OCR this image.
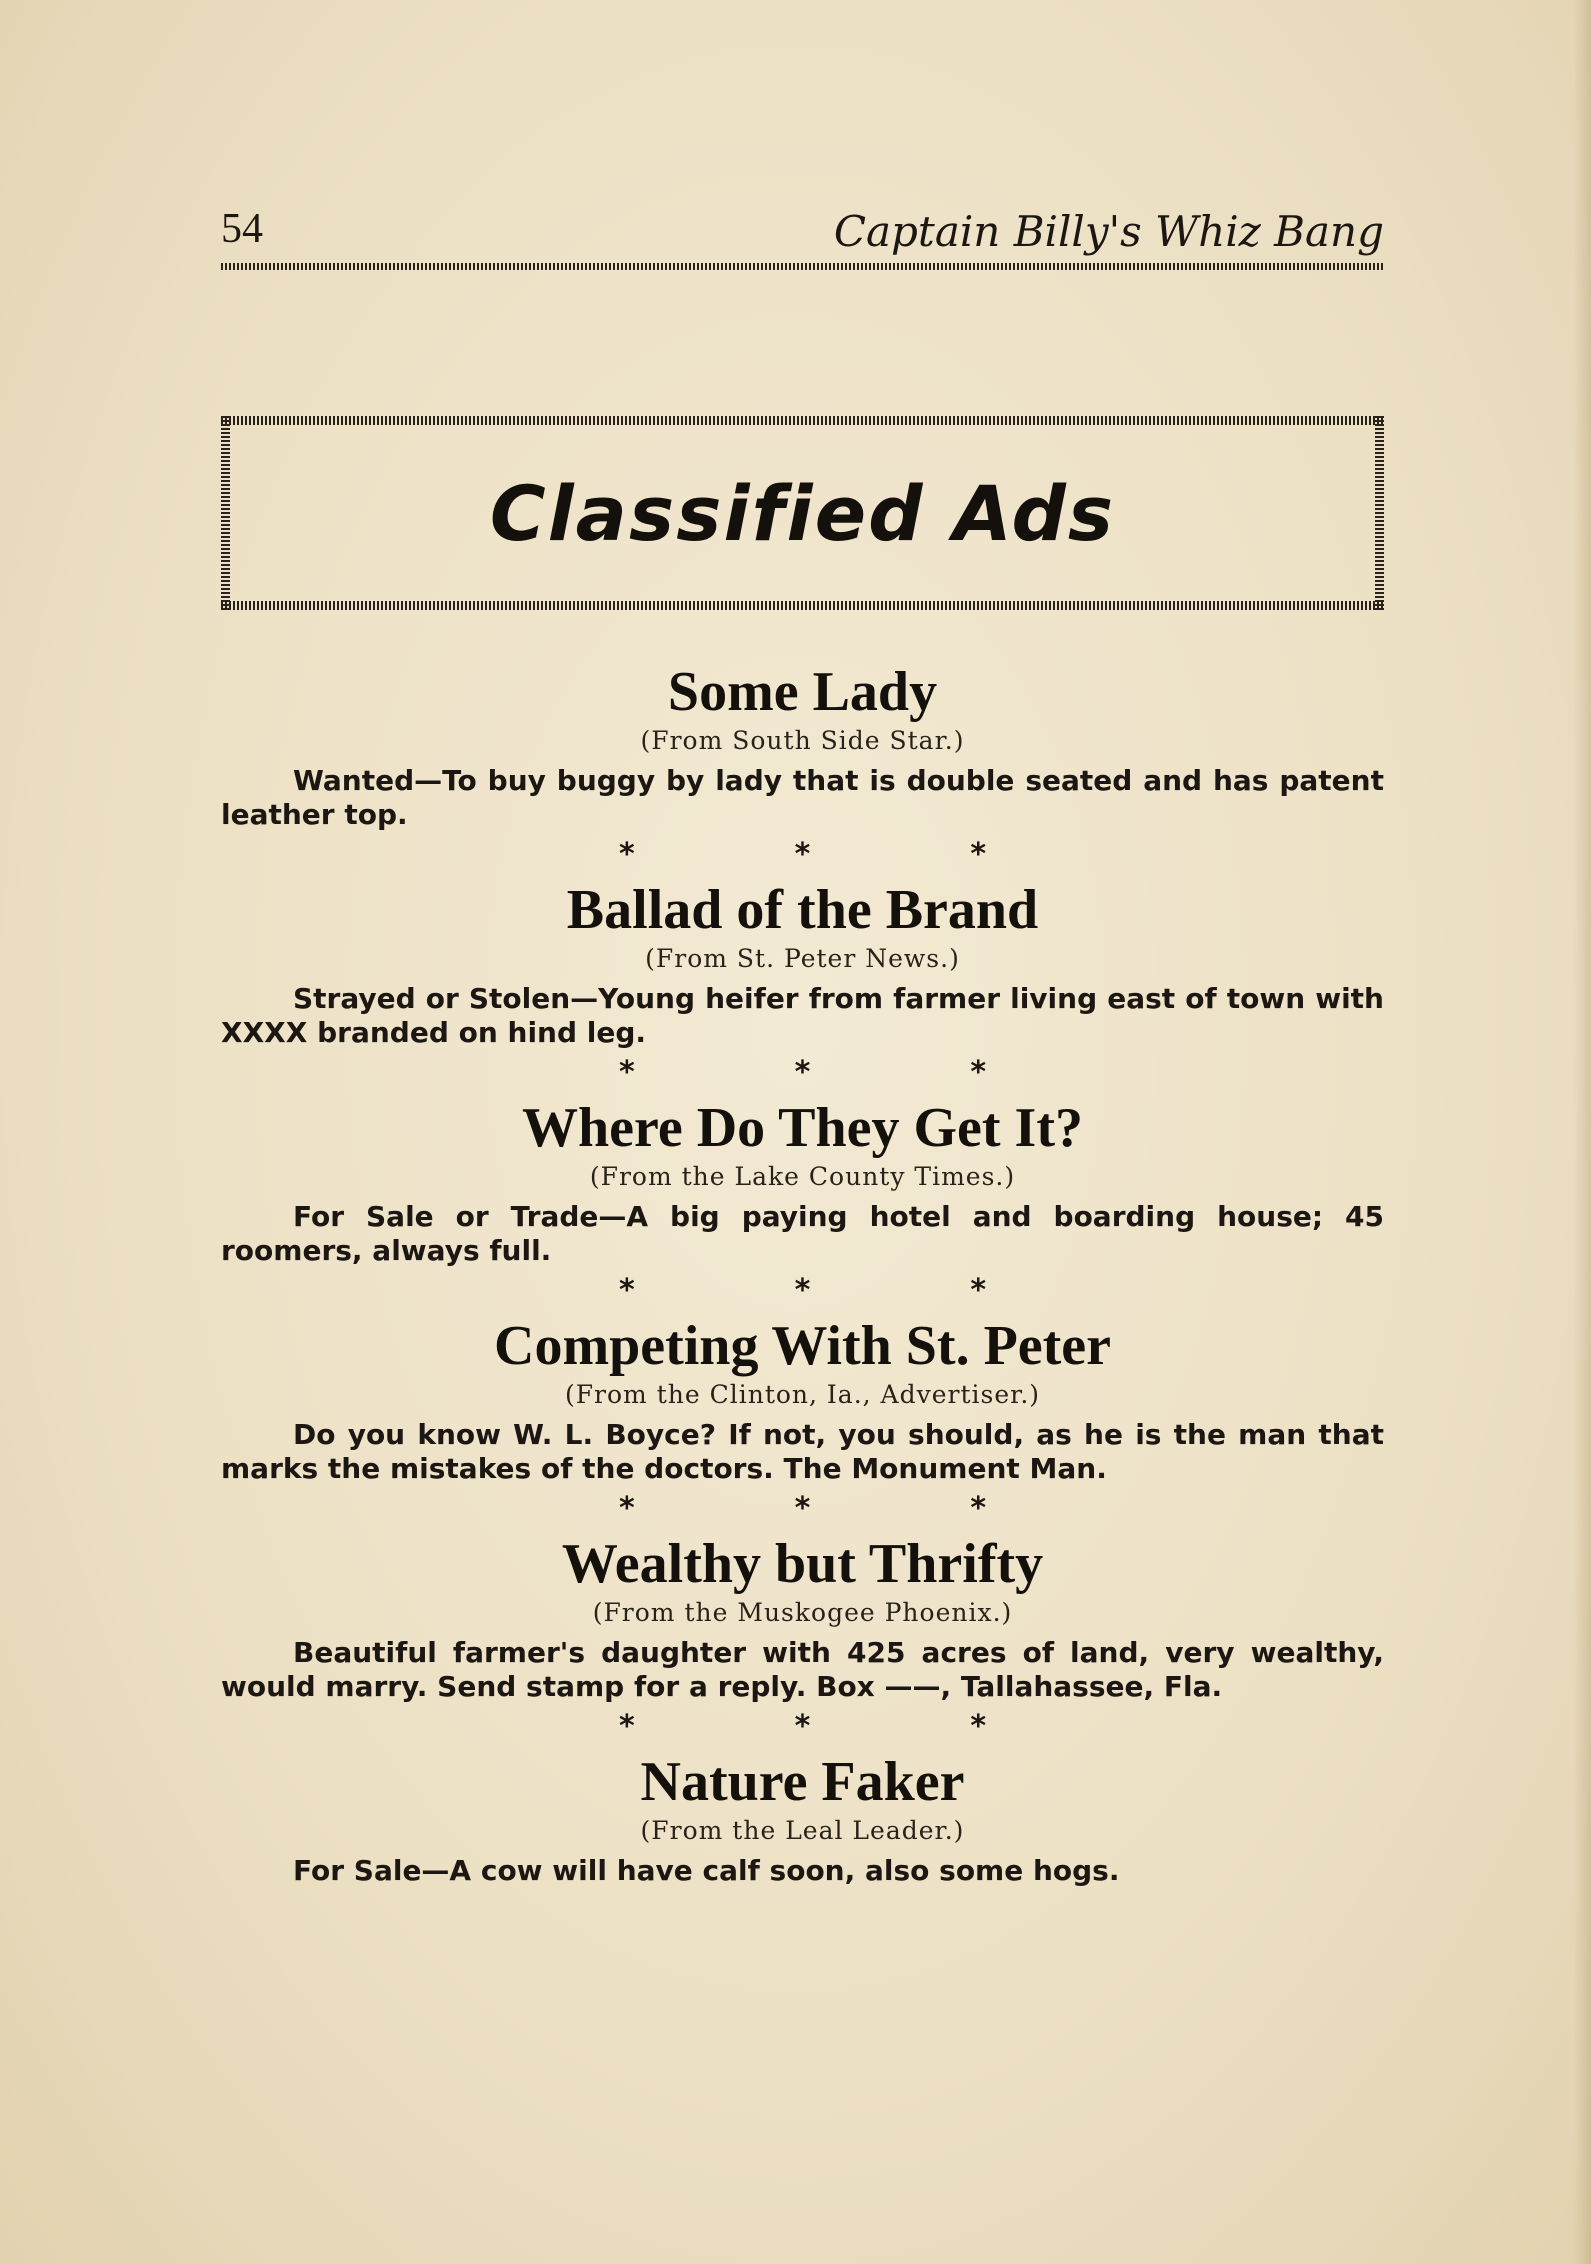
54	Captain Billy's Whiz Bang
Classified Ads
Some Lady

(From South Side Star.)

Wanted—To buy buggy by lady that is double seated and has patent leather top.

*	*	*
Ballad of the Brand

(From St. Peter News.)

Strayed or Stolen—Young heifer from farmer living east of town with XXXX branded on hind leg.

*	*	*
Where Do They Get It?

(From the Lake County Times.)

For Sale or Trade—A big paying hotel and boarding house; 45 roomers, always full.

*	*	*
Competing With St. Peter

(From the Clinton, Ia., Advertiser.)

Do you know W. L. Boyce? If not, you should, as he is the man that marks the mistakes of the doctors. The Monument Man.

*	*	*
Wealthy but Thrifty

(From the Muskogee Phoenix.)

Beautiful farmer's daughter with 425 acres of land, very wealthy, would marry. Send stamp for a reply. Box ——, Tallahassee, Fla.

*	*	*
Nature Faker

(From the Leal Leader.)

For Sale—A cow will have calf soon, also some hogs.
